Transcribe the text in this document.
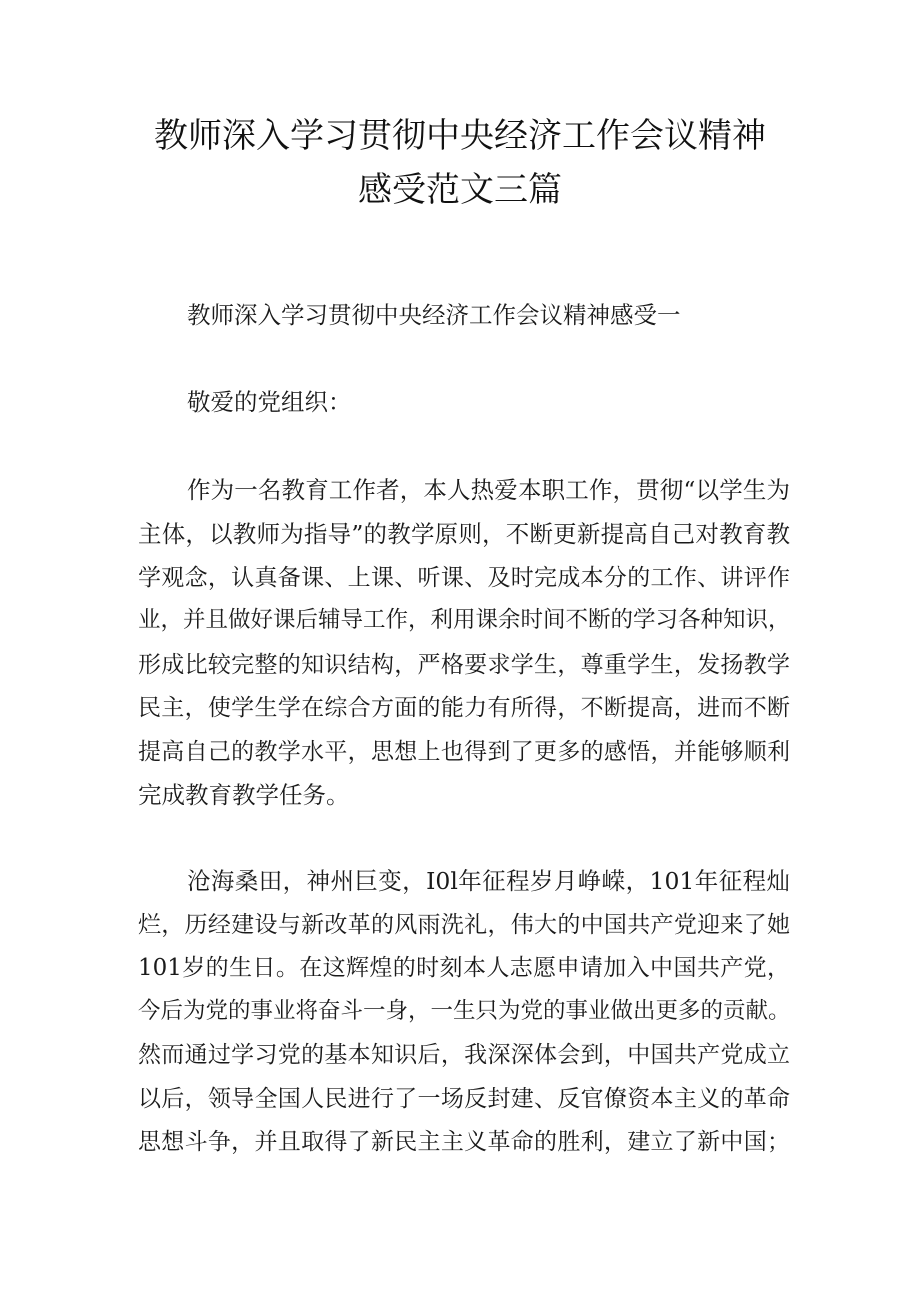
教师深入学习贯彻中央经济工作会议精神
感受范文三篇
教师深入学习贯彻中央经济工作会议精神感受一
敬爱的党组织：
作为一名教育工作者，本人热爱本职工作，贯彻“以学生为
主体，以教师为指导”的教学原则，不断更新提高自己对教育教
学观念，认真备课、上课、听课、及时完成本分的工作、讲评作
业，并且做好课后辅导工作，利用课余时间不断的学习各种知识，
形成比较完整的知识结构，严格要求学生，尊重学生，发扬教学
民主，使学生学在综合方面的能力有所得，不断提高，进而不断
提高自己的教学水平，思想上也得到了更多的感悟，并能够顺利
完成教育教学任务。
沧海桑田，神州巨变，I0l年征程岁月峥嵘，101年征程灿
烂，历经建设与新改革的风雨洗礼，伟大的中国共产党迎来了她
101岁的生日。在这辉煌的时刻本人志愿申请加入中国共产党，
今后为党的事业将奋斗一身，一生只为党的事业做出更多的贡献。
然而通过学习党的基本知识后，我深深体会到，中国共产党成立
以后，领导全国人民进行了一场反封建、反官僚资本主义的革命
思想斗争，并且取得了新民主主义革命的胜利，建立了新中国；
